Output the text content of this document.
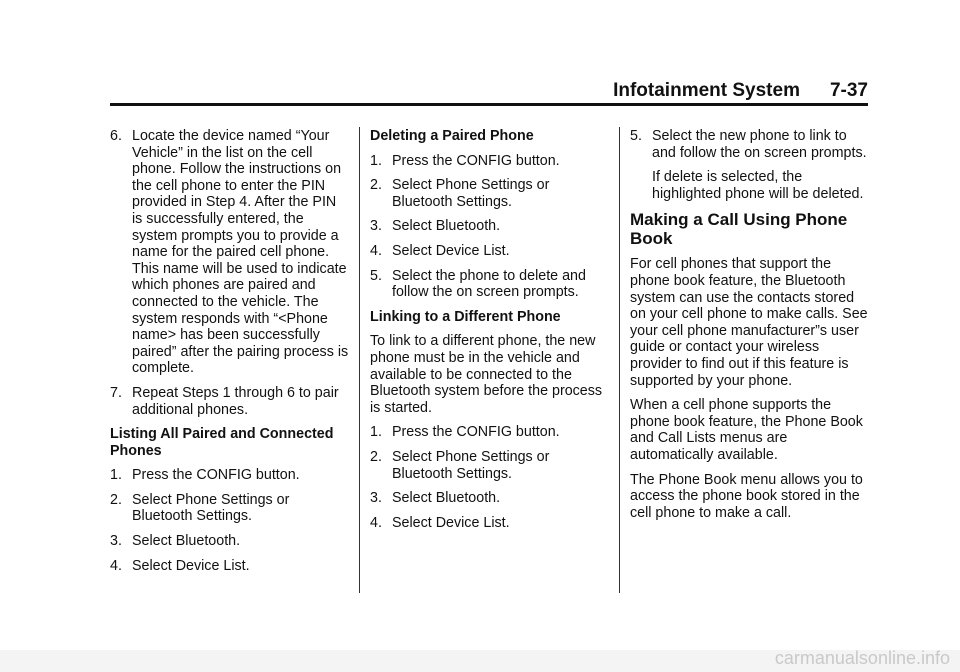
Infotainment System 7-37
6. Locate the device named “Your Vehicle” in the list on the cell phone. Follow the instructions on the cell phone to enter the PIN provided in Step 4. After the PIN is successfully entered, the system prompts you to provide a name for the paired cell phone. This name will be used to indicate which phones are paired and connected to the vehicle. The system responds with “<Phone name> has been successfully paired” after the pairing process is complete.
7. Repeat Steps 1 through 6 to pair additional phones.
Listing All Paired and Connected Phones
1. Press the CONFIG button.
2. Select Phone Settings or Bluetooth Settings.
3. Select Bluetooth.
4. Select Device List.
Deleting a Paired Phone
1. Press the CONFIG button.
2. Select Phone Settings or Bluetooth Settings.
3. Select Bluetooth.
4. Select Device List.
5. Select the phone to delete and follow the on screen prompts.
Linking to a Different Phone
To link to a different phone, the new phone must be in the vehicle and available to be connected to the Bluetooth system before the process is started.
1. Press the CONFIG button.
2. Select Phone Settings or Bluetooth Settings.
3. Select Bluetooth.
4. Select Device List.
5. Select the new phone to link to and follow the on screen prompts.
If delete is selected, the highlighted phone will be deleted.
Making a Call Using Phone Book
For cell phones that support the phone book feature, the Bluetooth system can use the contacts stored on your cell phone to make calls. See your cell phone manufacturer”s user guide or contact your wireless provider to find out if this feature is supported by your phone.
When a cell phone supports the phone book feature, the Phone Book and Call Lists menus are automatically available.
The Phone Book menu allows you to access the phone book stored in the cell phone to make a call.
carmanualsonline.info
